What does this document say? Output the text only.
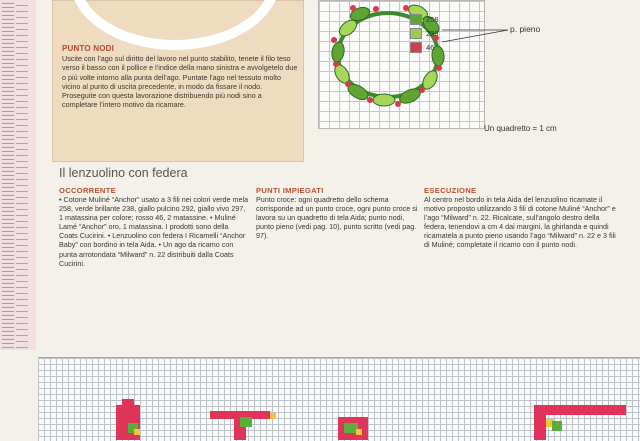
PUNTO NODI
Uscite con l’ago sul diritto del lavoro nel punto stabilito, tenete il filo teso verso il basso con il pollice e l’indice della mano sinistra e avvolgetelo due o più volte intorno alla punta dell’ago. Puntate l’ago nel tessuto molto vicino al punto di uscita precedente, in modo da fissare il nodo. Proseguite con questa lavorazione distribuendo più nodi sino a completare l’intero motivo da ricamare.
258
238
46
p. pieno
Un quadretto = 1 cm
Il lenzuolino con federa
OCCORRENTE
• Cotone Muliné “Anchor” usato a 3 fili nei colori verde mela 258, verde brillante 238, giallo pulcino 292, giallo vivo 297, 1 matassina per colore; rosso 46, 2 matassine. • Muliné Lamé “Anchor” oro, 1 matassina. I prodotti sono della Coats Cucirini. • Lenzuolino con federa I Ricamelli “Anchor Baby” con bordino in tela Aida. • Un ago da ricamo con punta arrotondata “Milward” n. 22 distribuiti dalla Coats Cucirini.
PUNTI IMPIEGATI
Punto croce: ogni quadretto dello schema corrisponde ad un punto croce, ogni punto croce si lavora su un quadretto di tela Aida; punto nodi, punto pieno (vedi pag. 10), punto scritto (vedi pag. 97).
ESECUZIONE
Al centro nel bordo in tela Aida del lenzuolino ricamate il motivo proposto utilizzando 3 fili di cotone Muliné “Anchor” e l’ago “Milward” n. 22. Ricalcate, sull’angolo destro della federa, tenendovi a cm 4 dai margini, la ghirlanda e quindi ricamatela a punto pieno usando l’ago “Milward” n. 22 e 3 fili di Muliné; completate il ricamo con il punto nodi.
